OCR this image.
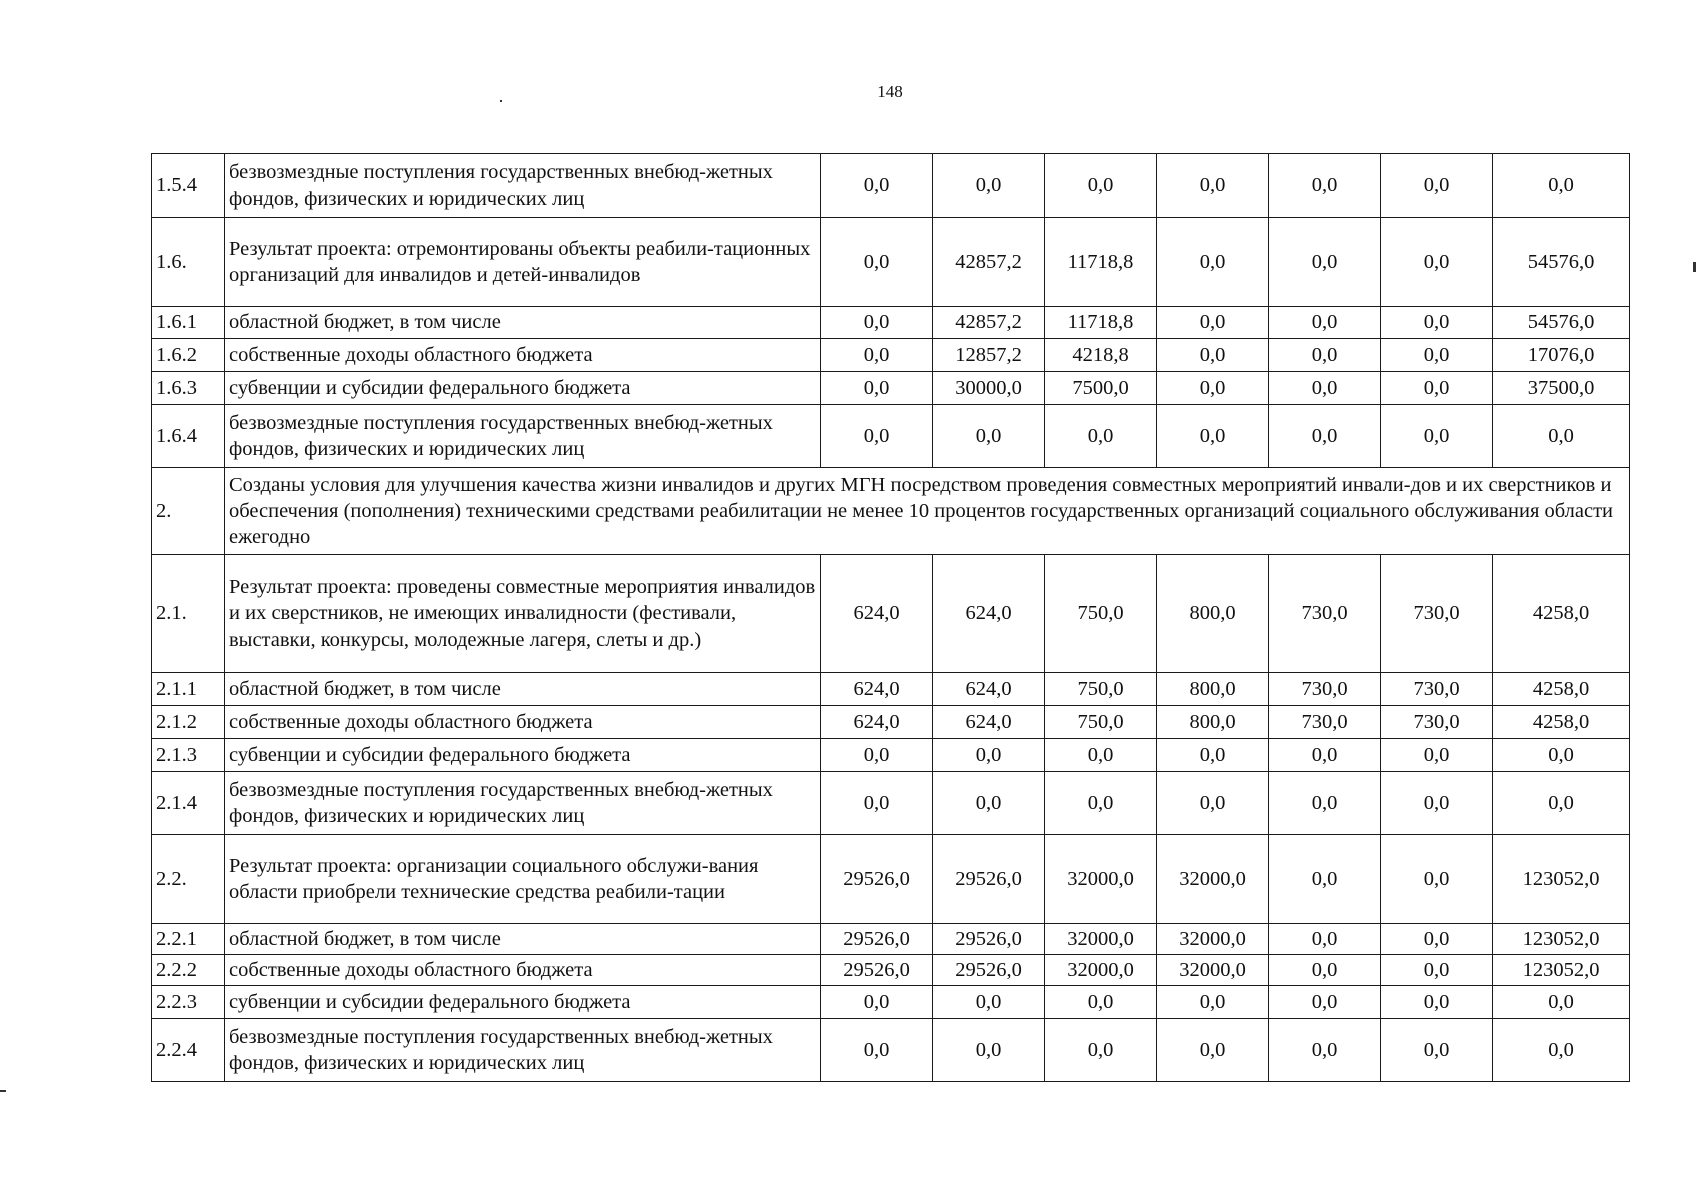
148
1.5.4	безвозмездные поступления государственных внебюд-жетных фондов, физических и юридических лиц	0,0	0,0	0,0	0,0	0,0	0,0	0,0
1.6.	Результат проекта: отремонтированы объекты реабили-тационных организаций для инвалидов и детей-инвалидов	0,0	42857,2	11718,8	0,0	0,0	0,0	54576,0
1.6.1	областной бюджет, в том числе	0,0	42857,2	11718,8	0,0	0,0	0,0	54576,0
1.6.2	собственные доходы областного бюджета	0,0	12857,2	4218,8	0,0	0,0	0,0	17076,0
1.6.3	субвенции и субсидии федерального бюджета	0,0	30000,0	7500,0	0,0	0,0	0,0	37500,0
1.6.4	безвозмездные поступления государственных внебюд-жетных фондов, физических и юридических лиц	0,0	0,0	0,0	0,0	0,0	0,0	0,0
2.	Созданы условия для улучшения качества жизни инвалидов и других МГН посредством проведения совместных мероприятий инвали-дов и их сверстников и обеспечения (пополнения) техническими средствами реабилитации не менее 10 процентов государственных организаций социального обслуживания области ежегодно							
2.1.	Результат проекта: проведены совместные мероприятия инвалидов и их сверстников, не имеющих инвалидности (фестивали, выставки, конкурсы, молодежные лагеря, слеты и др.)	624,0	624,0	750,0	800,0	730,0	730,0	4258,0
2.1.1	областной бюджет, в том числе	624,0	624,0	750,0	800,0	730,0	730,0	4258,0
2.1.2	собственные доходы областного бюджета	624,0	624,0	750,0	800,0	730,0	730,0	4258,0
2.1.3	субвенции и субсидии федерального бюджета	0,0	0,0	0,0	0,0	0,0	0,0	0,0
2.1.4	безвозмездные поступления государственных внебюд-жетных фондов, физических и юридических лиц	0,0	0,0	0,0	0,0	0,0	0,0	0,0
2.2.	Результат проекта: организации социального обслужи-вания области приобрели технические средства реабили-тации	29526,0	29526,0	32000,0	32000,0	0,0	0,0	123052,0
2.2.1	областной бюджет, в том числе	29526,0	29526,0	32000,0	32000,0	0,0	0,0	123052,0
2.2.2	собственные доходы областного бюджета	29526,0	29526,0	32000,0	32000,0	0,0	0,0	123052,0
2.2.3	субвенции и субсидии федерального бюджета	0,0	0,0	0,0	0,0	0,0	0,0	0,0
2.2.4	безвозмездные поступления государственных внебюд-жетных фондов, физических и юридических лиц	0,0	0,0	0,0	0,0	0,0	0,0	0,0
